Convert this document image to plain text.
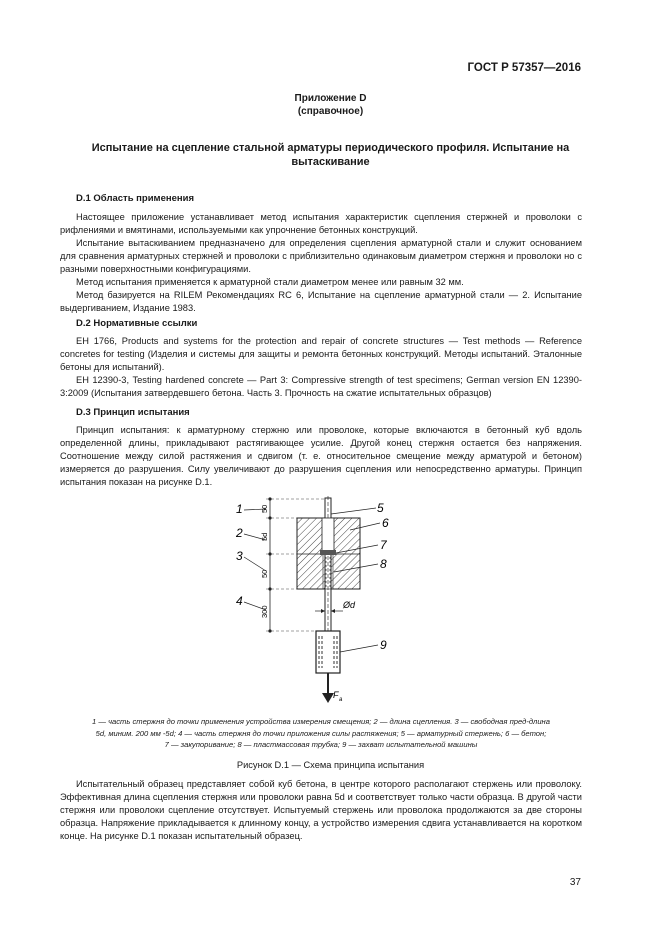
ГОСТ Р 57357—2016
Приложение D
(справочное)
Испытание на сцепление стальной арматуры периодического профиля. Испытание на вытаскивание
D.1 Область применения

Настоящее приложение устанавливает метод испытания характеристик сцепления стержней и проволоки с рифлениями и вмятинами, используемыми как упрочнение бетонных конструкций.

Испытание вытаскиванием предназначено для определения сцепления арматурной стали и служит основанием для сравнения арматурных стержней и проволоки с приблизительно одинаковым диаметром стержня и проволоки но с разными поверхностными конфигурациями.

Метод испытания применяется к арматурной стали диаметром менее или равным 32 мм.

Метод базируется на RILEM Рекомендациях RC 6, Испытание на сцепление арматурной стали — 2. Испытание выдергиванием, Издание 1983.

D.2 Нормативные ссылки

ЕН 1766, Products and systems for the protection and repair of concrete structures — Test methods — Reference concretes for testing (Изделия и системы для защиты и ремонта бетонных конструкций. Методы испытаний. Эталонные бетоны для испытаний).

ЕН 12390-3, Testing hardened concrete — Part 3: Compressive strength of test specimens; German version EN 12390-3:2009 (Испытания затвердевшего бетона. Часть 3. Прочность на сжатие испытательных образцов)

D.3 Принцип испытания

Принцип испытания: к арматурному стержню или проволоке, которые включаются в бетонный куб вдоль определенной длины, прикладывают растягивающее усилие. Другой конец стержня остается без напряжения. Соотношение между силой растяжения и сдвигом (т. е. относительное смещение между арматурой и бетоном) измеряется до разрушения. Силу увеличивают до разрушения сцепления или непосредственно арматуры. Принцип испытания показан на рисунке D.1.

F a
50
5d
50
300
Ød
1
2
3
4
5
6
7
8
9
1 — часть стержня до точки применения устройства измерения смещения; 2 — длина сцепления. 3 — свободная пред-длина
5d, миним. 200 мм -5d; 4 — часть стержня до точки приложения силы растяжения; 5 — арматурный стержень; 6 — бетон;
7 — закупоривание; 8 — пластмассовая трубка; 9 — захват испытательной машины
Рисунок D.1 — Схема принципа испытания

Испытательный образец представляет собой куб бетона, в центре которого располагают стержень или проволоку. Эффективная длина сцепления стержня или проволоки равна 5d и соответствует только части образца. В другой части стержня или проволоки сцепление отсутствует. Испытуемый стержень или проволока продолжаются за две стороны образца. Напряжение прикладывается к длинному концу, а устройство измерения сдвига устанавливается на коротком конце. На рисунке D.1 показан испытательный образец.

37
